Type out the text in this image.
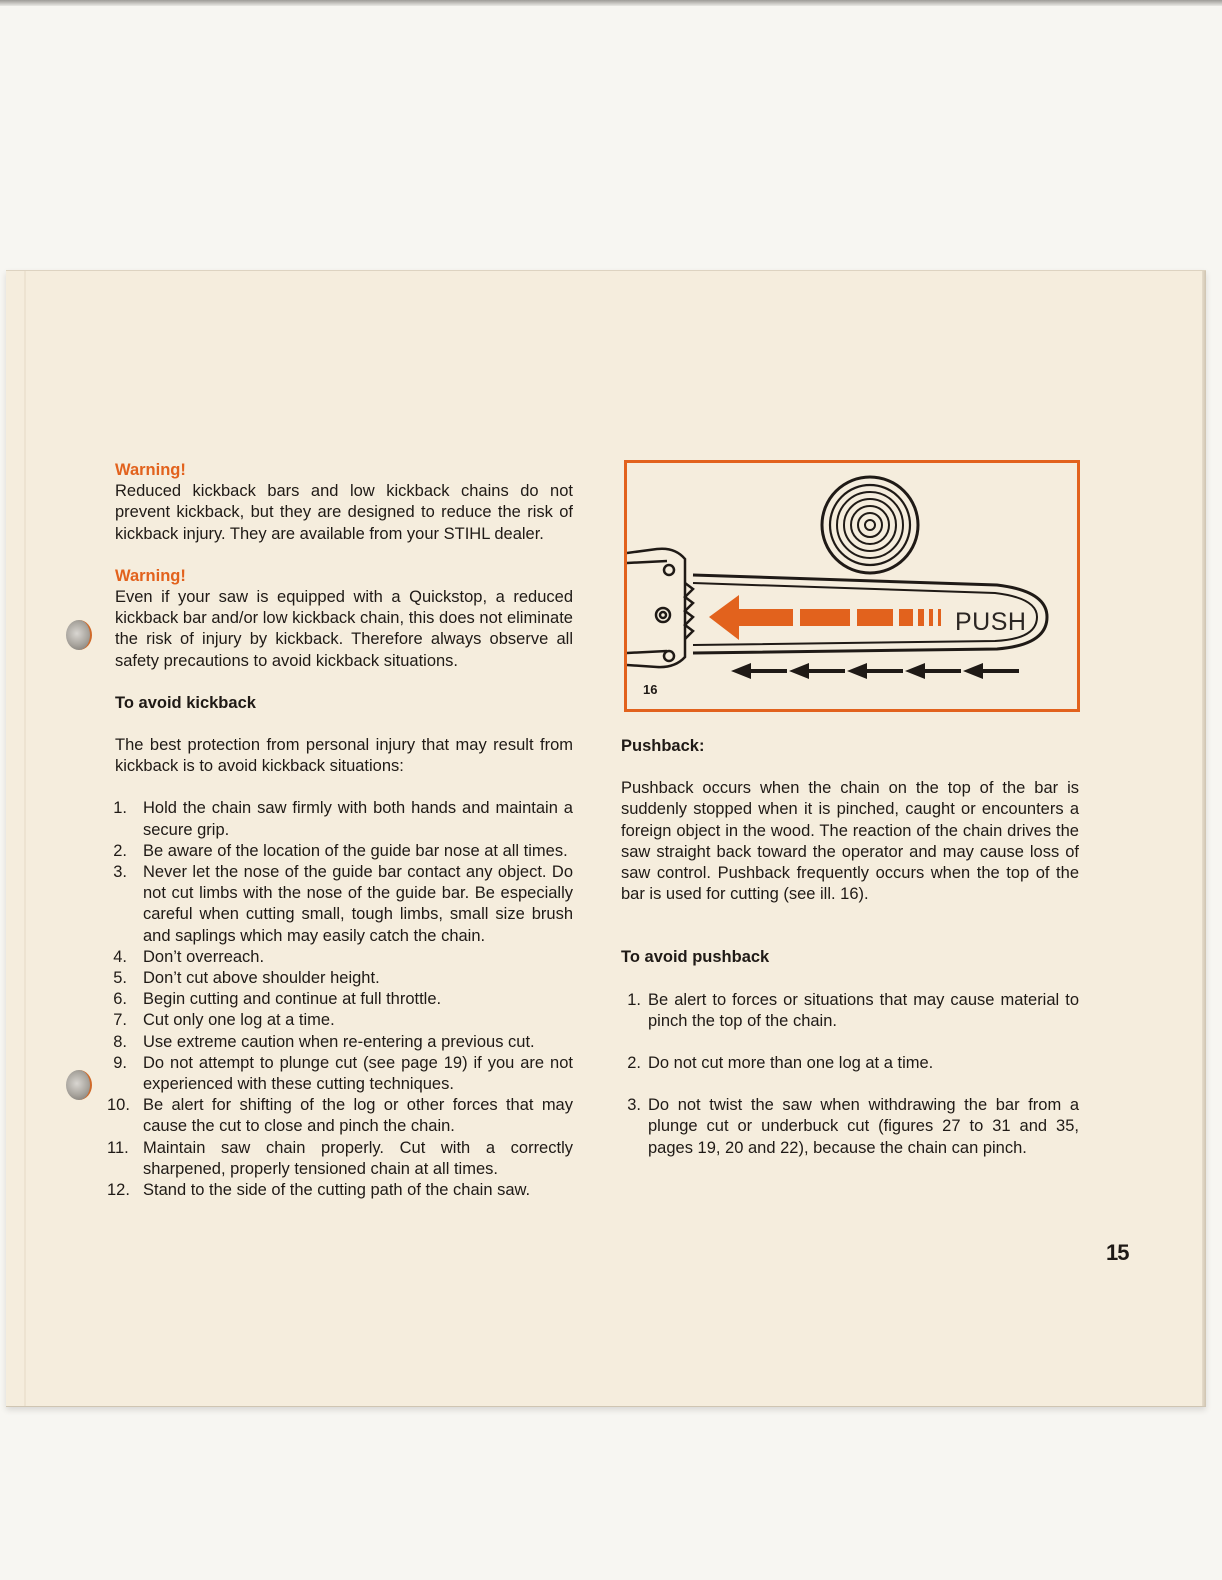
Warning!
Reduced kickback bars and low kickback chains do not prevent kickback, but they are designed to reduce the risk of kickback injury. They are available from your STIHL dealer.
Warning!
Even if your saw is equipped with a Quickstop, a reduced kickback bar and/or low kickback chain, this does not eliminate the risk of injury by kickback. Therefore always observe all safety precautions to avoid kickback situations.
To avoid kickback
The best protection from personal injury that may result from kickback is to avoid kickback situations:
1. Hold the chain saw firmly with both hands and maintain a secure grip.
2. Be aware of the location of the guide bar nose at all times.
3. Never let the nose of the guide bar contact any object. Do not cut limbs with the nose of the guide bar. Be especially careful when cutting small, tough limbs, small size brush and saplings which may easily catch the chain.
4. Don’t overreach.
5. Don’t cut above shoulder height.
6. Begin cutting and continue at full throttle.
7. Cut only one log at a time.
8. Use extreme caution when re-entering a previous cut.
9. Do not attempt to plunge cut (see page 19) if you are not experienced with these cutting techniques.
10. Be alert for shifting of the log or other forces that may cause the cut to close and pinch the chain.
11. Maintain saw chain properly. Cut with a correctly sharpened, properly tensioned chain at all times.
12. Stand to the side of the cutting path of the chain saw.
PUSH
16
Pushback:
Pushback occurs when the chain on the top of the bar is suddenly stopped when it is pinched, caught or encounters a foreign object in the wood. The reaction of the chain drives the saw straight back toward the operator and may cause loss of saw control. Pushback frequently occurs when the top of the bar is used for cutting (see ill. 16).
To avoid pushback
1. Be alert to forces or situations that may cause material to pinch the top of the chain.
2. Do not cut more than one log at a time.
3. Do not twist the saw when withdrawing the bar from a plunge cut or underbuck cut (figures 27 to 31 and 35, pages 19, 20 and 22), because the chain can pinch.
15
